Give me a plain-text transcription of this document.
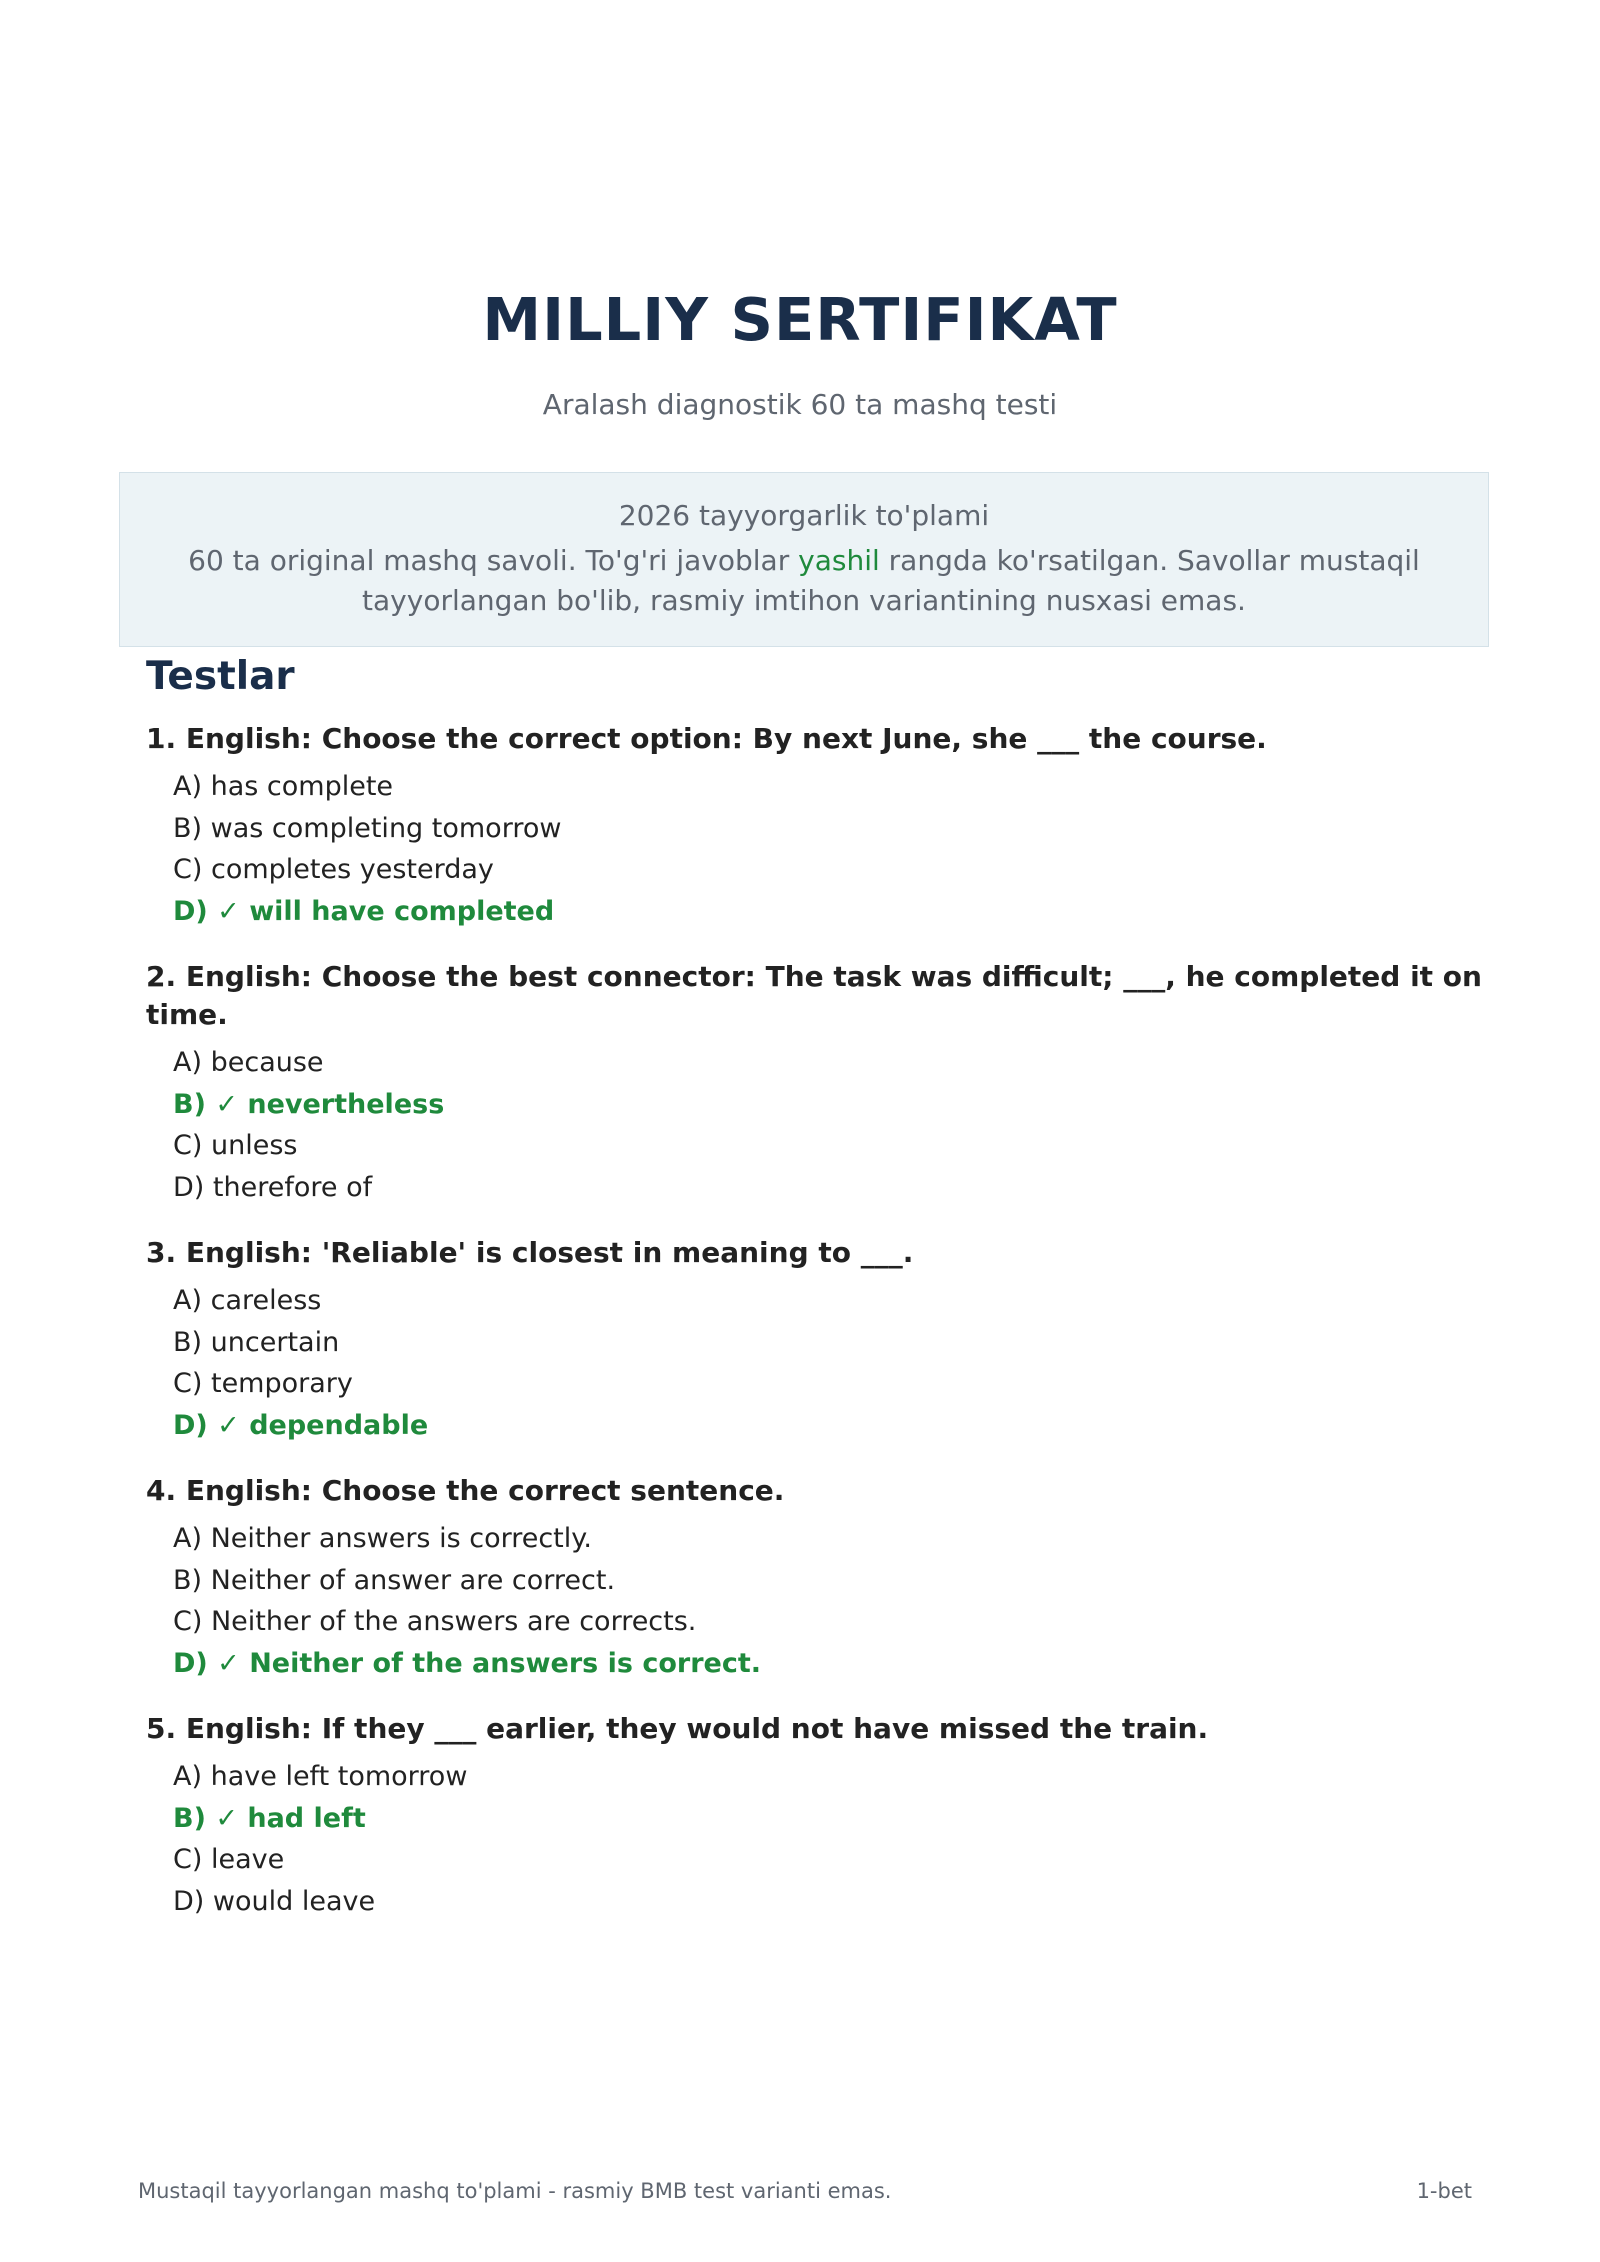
MILLIY SERTIFIKAT
Aralash diagnostik 60 ta mashq testi
2026 tayyorgarlik to'plami
60 ta original mashq savoli. To'g'ri javoblar yashil rangda ko'rsatilgan. Savollar mustaqil tayyorlangan bo'lib, rasmiy imtihon variantining nusxasi emas.
Testlar
1. English: Choose the correct option: By next June, she ___ the course.
A) has complete
B) was completing tomorrow
C) completes yesterday
D) ✓ will have completed
2. English: Choose the best connector: The task was difficult; ___, he completed it on time.
A) because
B) ✓ nevertheless
C) unless
D) therefore of
3. English: 'Reliable' is closest in meaning to ___.
A) careless
B) uncertain
C) temporary
D) ✓ dependable
4. English: Choose the correct sentence.
A) Neither answers is correctly.
B) Neither of answer are correct.
C) Neither of the answers are corrects.
D) ✓ Neither of the answers is correct.
5. English: If they ___ earlier, they would not have missed the train.
A) have left tomorrow
B) ✓ had left
C) leave
D) would leave
Mustaqil tayyorlangan mashq to'plami - rasmiy BMB test varianti emas.	1-bet
